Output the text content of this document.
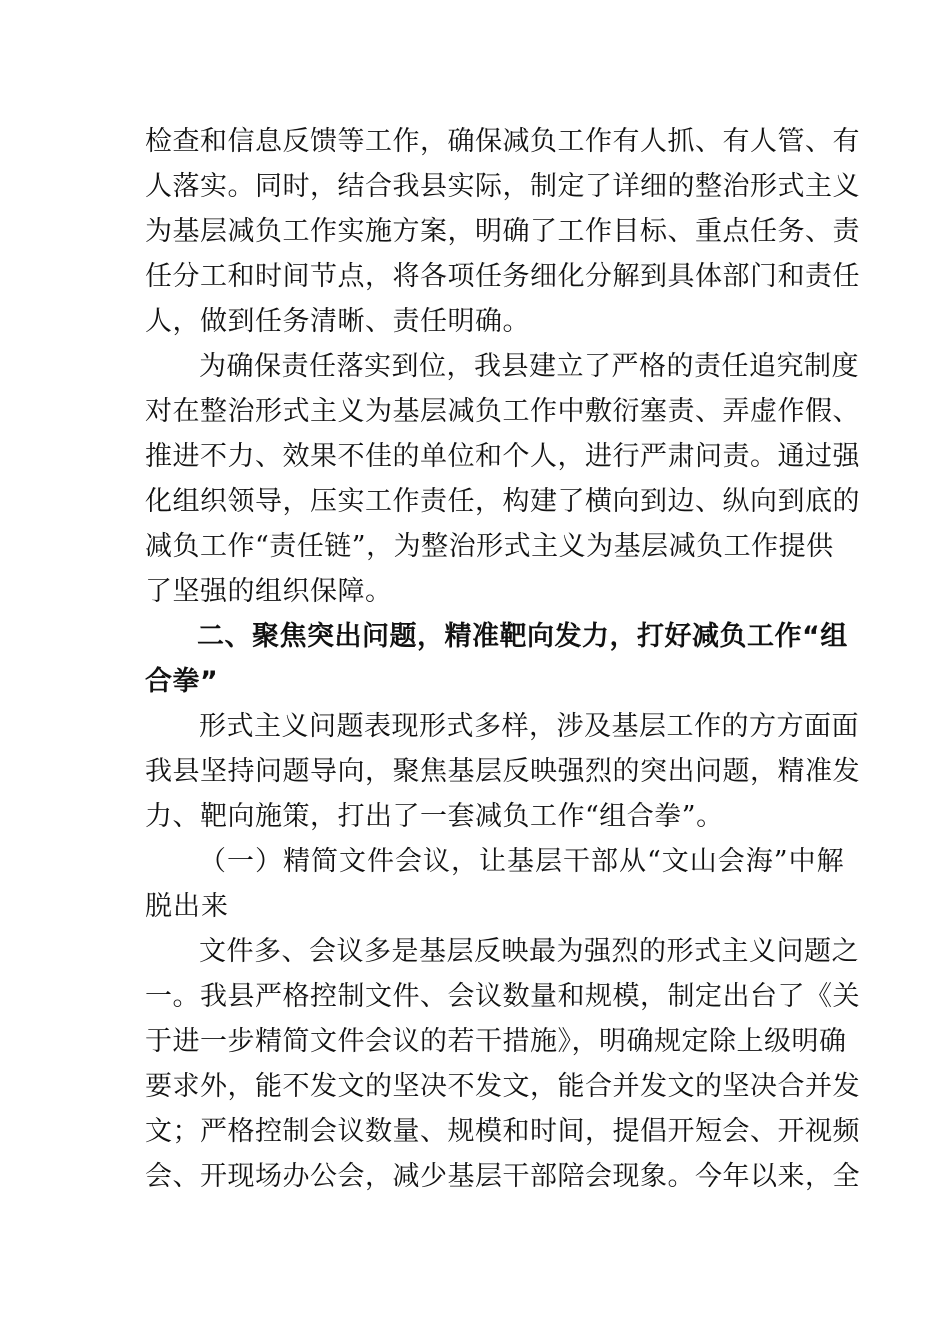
检查和信息反馈等工作，确保减负工作有人抓、有人管、有
人落实。同时，结合我县实际，制定了详细的整治形式主义
为基层减负工作实施方案，明确了工作目标、重点任务、责
任分工和时间节点，将各项任务细化分解到具体部门和责任
人，做到任务清晰、责任明确。
为确保责任落实到位，我县建立了严格的责任追究制度
对在整治形式主义为基层减负工作中敷衍塞责、弄虚作假、
推进不力、效果不佳的单位和个人，进行严肃问责。通过强
化组织领导，压实工作责任，构建了横向到边、纵向到底的
减负工作“责任链”，为整治形式主义为基层减负工作提供
了坚强的组织保障。
二、聚焦突出问题，精准靶向发力，打好减负工作“组
合拳”
形式主义问题表现形式多样，涉及基层工作的方方面面
我县坚持问题导向，聚焦基层反映强烈的突出问题，精准发
力、靶向施策，打出了一套减负工作“组合拳”。
（一）精简文件会议，让基层干部从“文山会海”中解
脱出来
文件多、会议多是基层反映最为强烈的形式主义问题之
一。我县严格控制文件、会议数量和规模，制定出台了《关
于进一步精简文件会议的若干措施》，明确规定除上级明确
要求外，能不发文的坚决不发文，能合并发文的坚决合并发
文；严格控制会议数量、规模和时间，提倡开短会、开视频
会、开现场办公会，减少基层干部陪会现象。今年以来，全
